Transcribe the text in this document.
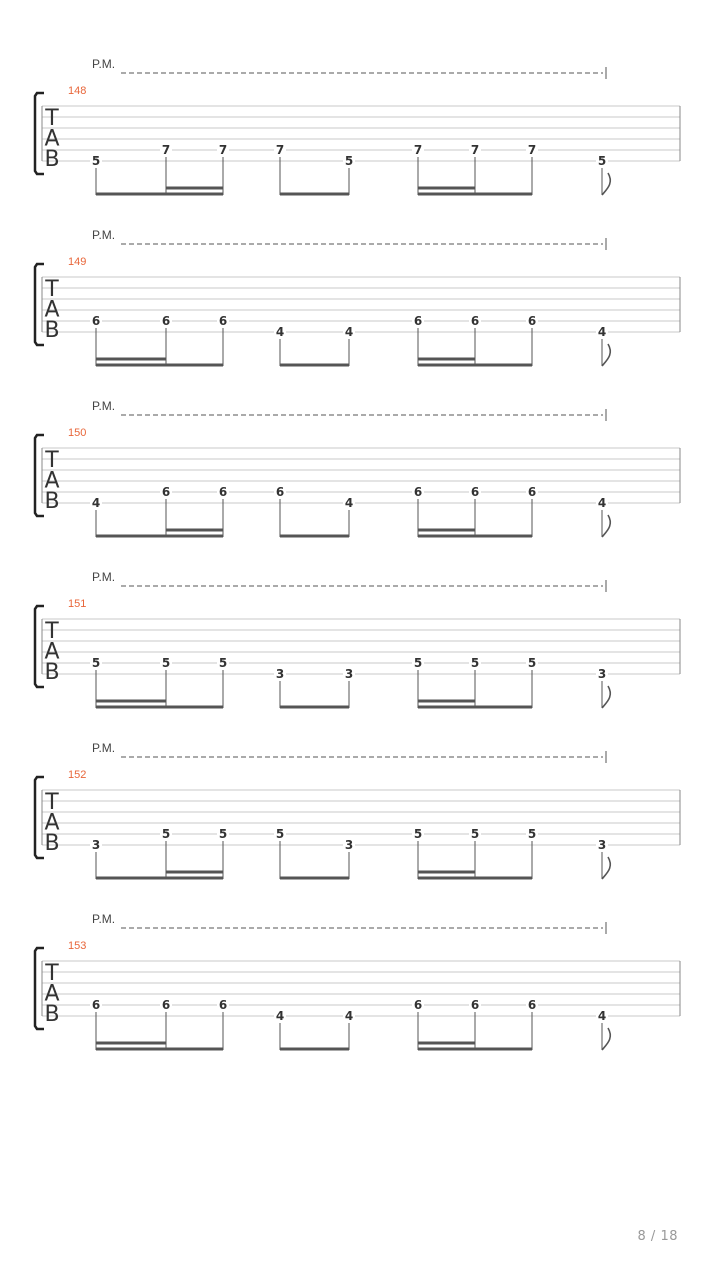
P.M.
148
T
A
B	5
7	7	7
5
7	7	7
5
P.M.
149
T
A
B	6	6	6
4	4
6	6	6
4
P.M.
150
T
A
B	4
6	6	6
4
6	6	6
4
P.M.
151
T
A
B	5	5	5
3	3
5	5	5
3
P.M.
152
T
A
B	3
5	5	5
3
5	5	5
3
P.M.
153
T
A
B	6	6	6
4	4
6	6	6
4
8 / 18
